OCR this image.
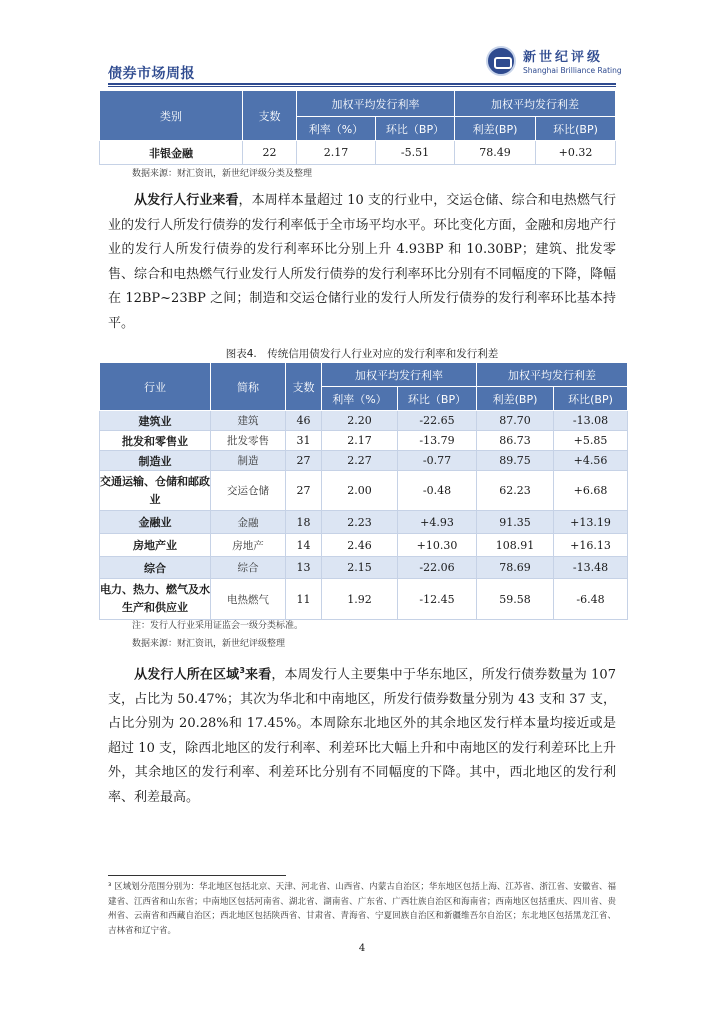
债券市场周报
新世纪评级
Shanghai Brilliance Rating
类别	支数	加权平均发行利率		加权平均发行利差	
		利率（%）	环比（BP）	利差(BP)	环比(BP)
非银金融	22	2.17	-5.51	78.49	+0.32
数据来源：财汇资讯，新世纪评级分类及整理
从发行人行业来看，本周样本量超过 10 支的行业中，交运仓储、综合和电热燃气行业的发行人所发行债券的发行利率低于全市场平均水平。环比变化方面，金融和房地产行业的发行人所发行债券的发行利率环比分别上升 4.93BP 和 10.30BP；建筑、批发零售、综合和电热燃气行业发行人所发行债券的发行利率环比分别有不同幅度的下降，降幅在 12BP~23BP 之间；制造和交运仓储行业的发行人所发行债券的发行利率环比基本持平。
图表4.　传统信用债发行人行业对应的发行利率和发行利差
行业	简称	支数	加权平均发行利率		加权平均发行利差	
			利率（%）	环比（BP）	利差(BP)	环比(BP)
建筑业	建筑	46	2.20	-22.65	87.70	-13.08
批发和零售业	批发零售	31	2.17	-13.79	86.73	+5.85
制造业	制造	27	2.27	-0.77	89.75	+4.56
交通运输、仓储和邮政业	交运仓储	27	2.00	-0.48	62.23	+6.68
金融业	金融	18	2.23	+4.93	91.35	+13.19
房地产业	房地产	14	2.46	+10.30	108.91	+16.13
综合	综合	13	2.15	-22.06	78.69	-13.48
电力、热力、燃气及水生产和供应业	电热燃气	11	1.92	-12.45	59.58	-6.48
注：发行人行业采用证监会一级分类标准。
数据来源：财汇资讯，新世纪评级整理
从发行人所在区域$^3$来看，本周发行人主要集中于华东地区，所发行债券数量为 107 支，占比为 50.47%；其次为华北和中南地区，所发行债券数量分别为 43 支和 37 支，占比分别为 20.28%和 17.45%。本周除东北地区外的其余地区发行样本量均接近或是超过 10 支，除西北地区的发行利率、利差环比大幅上升和中南地区的发行利差环比上升外，其余地区的发行利率、利差环比分别有不同幅度的下降。其中，西北地区的发行利率、利差最高。
³ 区域划分范围分别为：华北地区包括北京、天津、河北省、山西省、内蒙古自治区；华东地区包括上海、江苏省、浙江省、安徽省、福建省、江西省和山东省；中南地区包括河南省、湖北省、湖南省、广东省、广西壮族自治区和海南省；西南地区包括重庆、四川省、贵州省、云南省和西藏自治区；西北地区包括陕西省、甘肃省、青海省、宁夏回族自治区和新疆维吾尔自治区；东北地区包括黑龙江省、吉林省和辽宁省。
4
